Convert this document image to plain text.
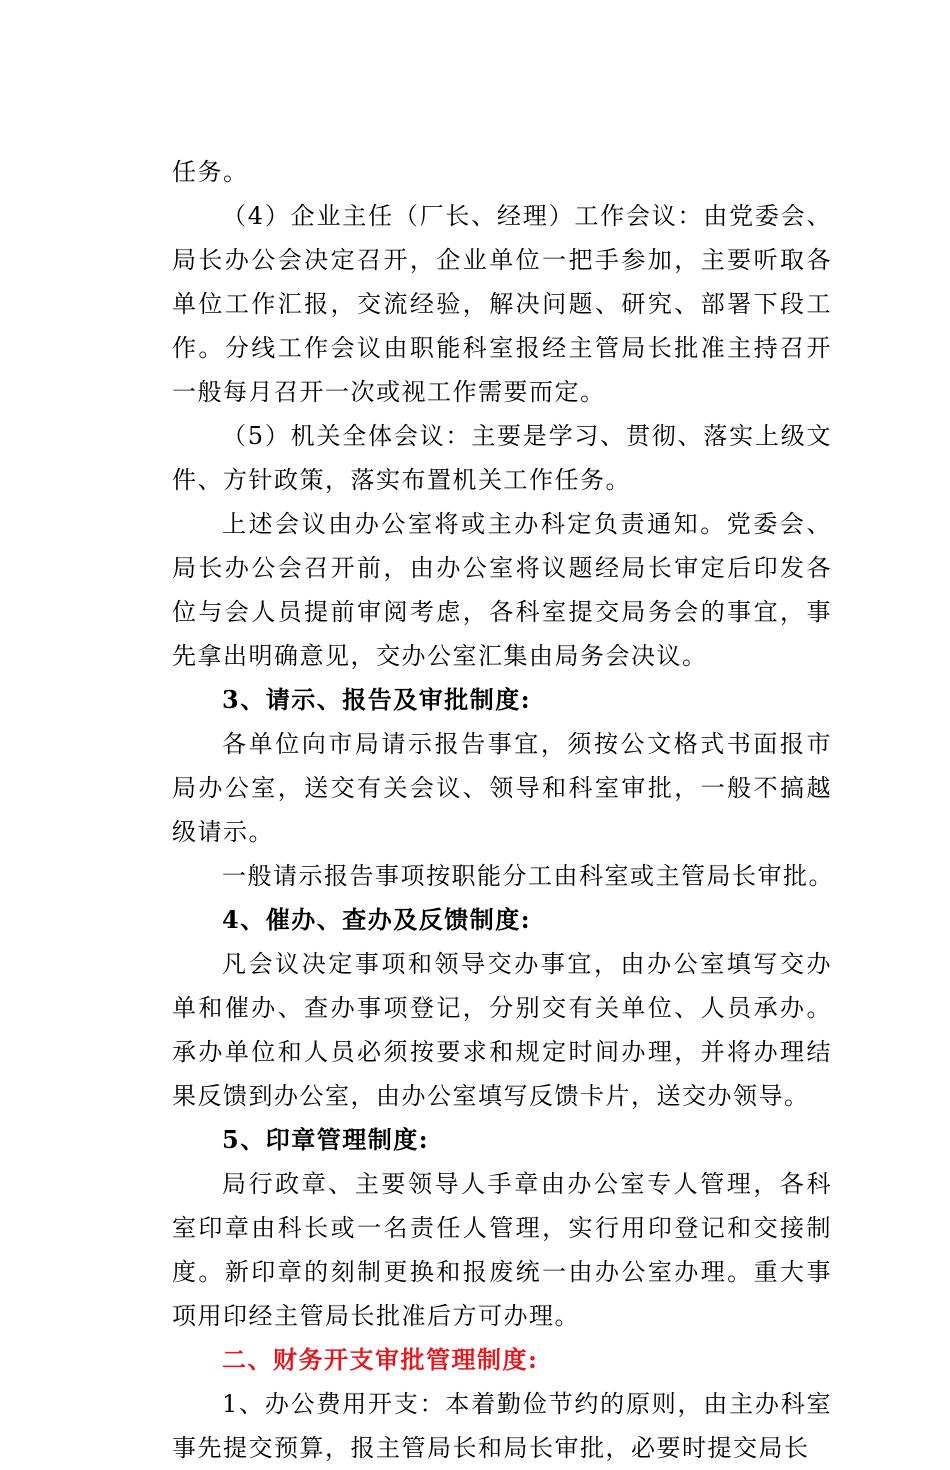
任务。

（4）企业主任（厂长、经理）工作会议：由党委会、局长办公会决定召开，企业单位一把手参加，主要听取各单位工作汇报，交流经验，解决问题、研究、部署下段工作。分线工作会议由职能科室报经主管局长批准主持召开一般每月召开一次或视工作需要而定。

（5）机关全体会议：主要是学习、贯彻、落实上级文件、方针政策，落实布置机关工作任务。

上述会议由办公室将或主办科定负责通知。党委会、局长办公会召开前，由办公室将议题经局长审定后印发各位与会人员提前审阅考虑，各科室提交局务会的事宜，事先拿出明确意见，交办公室汇集由局务会决议。

3、请示、报告及审批制度:

各单位向市局请示报告事宜，须按公文格式书面报市局办公室，送交有关会议、领导和科室审批，一般不搞越级请示。

一般请示报告事项按职能分工由科室或主管局长审批。

4、催办、查办及反馈制度:

凡会议决定事项和领导交办事宜，由办公室填写交办单和催办、查办事项登记，分别交有关单位、人员承办。承办单位和人员必须按要求和规定时间办理，并将办理结果反馈到办公室，由办公室填写反馈卡片，送交办领导。

5、印章管理制度:

局行政章、主要领导人手章由办公室专人管理，各科室印章由科长或一名责任人管理，实行用印登记和交接制度。新印章的刻制更换和报废统一由办公室办理。重大事项用印经主管局长批准后方可办理。

二、财务开支审批管理制度:

1、办公费用开支：本着勤俭节约的原则，由主办科室事先提交预算，报主管局长和局长审批，必要时提交局长
